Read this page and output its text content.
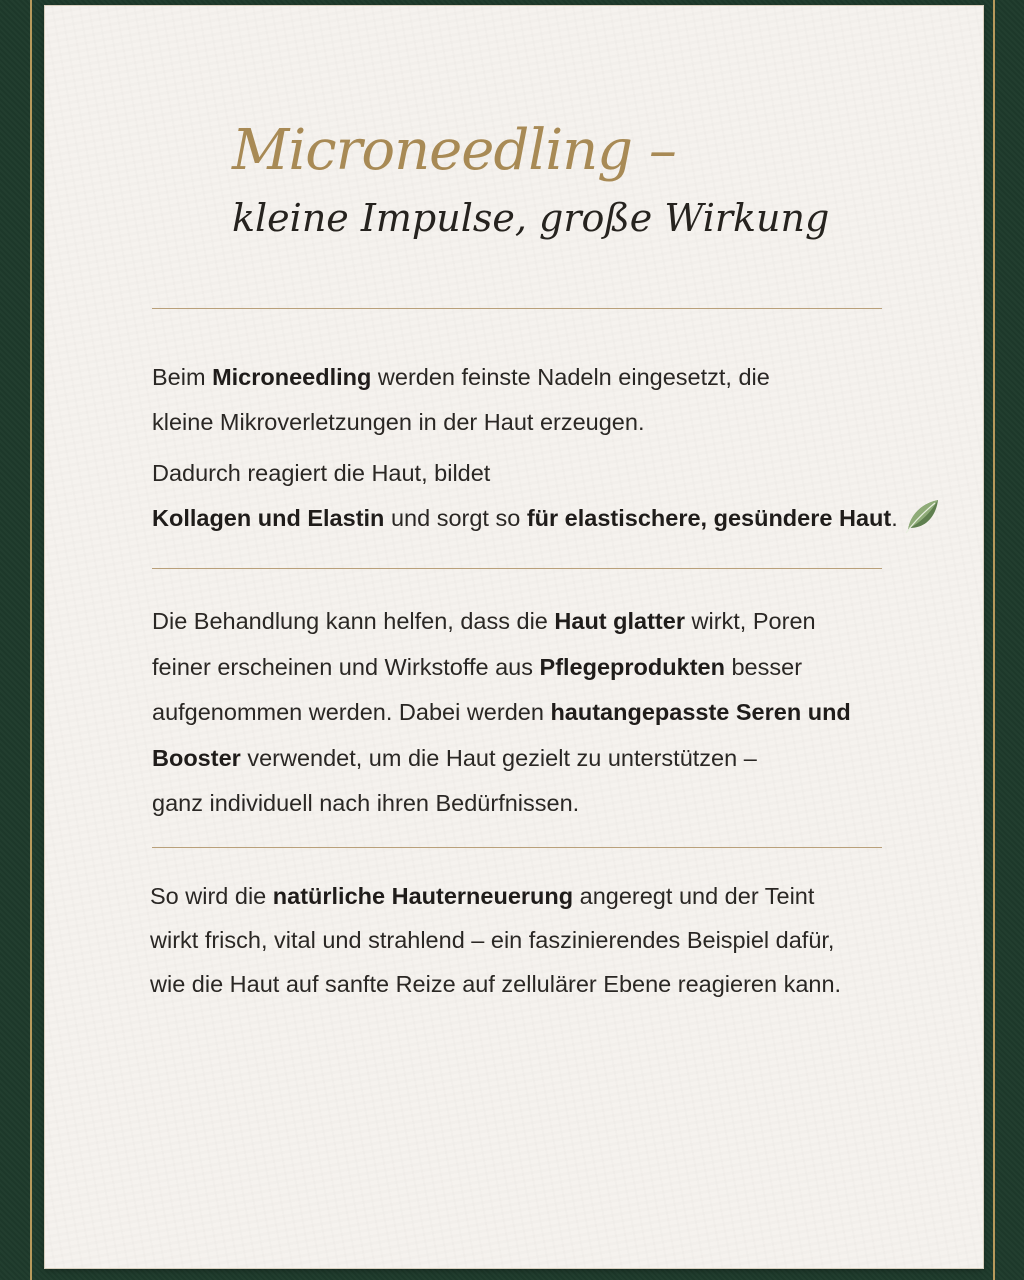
Microneedling –
kleine Impulse, große Wirkung

Beim Microneedling werden feinste Nadeln eingesetzt, die
kleine Mikroverletzungen in der Haut erzeugen.
Dadurch reagiert die Haut, bildet
Kollagen und Elastin und sorgt so für elastischere, gesündere Haut.

Die Behandlung kann helfen, dass die Haut glatter wirkt, Poren
feiner erscheinen und Wirkstoffe aus Pflegeprodukten besser
aufgenommen werden. Dabei werden hautangepasste Seren und
Booster verwendet, um die Haut gezielt zu unterstützen –
ganz individuell nach ihren Bedürfnissen.

So wird die natürliche Hauterneuerung angeregt und der Teint
wirkt frisch, vital und strahlend – ein faszinierendes Beispiel dafür,
wie die Haut auf sanfte Reize auf zellulärer Ebene reagieren kann.
